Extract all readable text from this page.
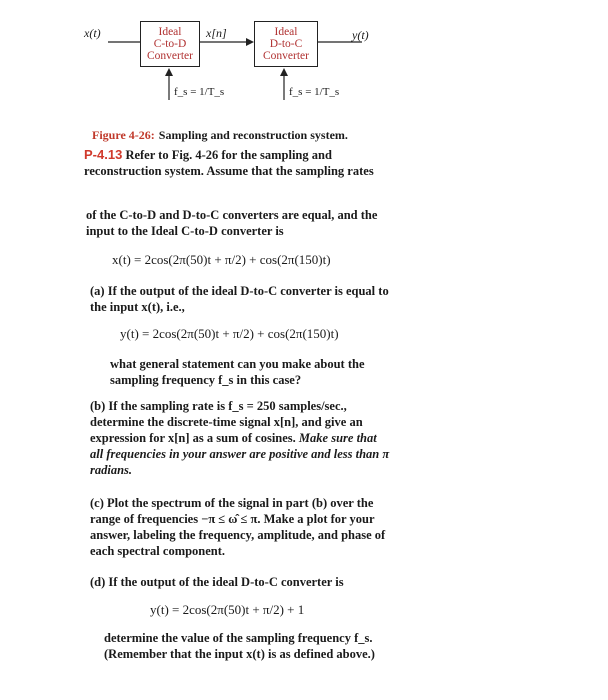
x(t)	x[n]	y(t)
Ideal
C-to-D
Converter
Ideal
D-to-C
Converter
f_s = 1/T_s	f_s = 1/T_s
Figure 4-26: Sampling and reconstruction system.
P-4.13 Refer to Fig. 4-26 for the sampling and reconstruction system. Assume that the sampling rates
of the C-to-D and D-to-C converters are equal, and the input to the Ideal C-to-D converter is
x(t) = 2cos(2π(50)t + π/2) + cos(2π(150)t)
(a) If the output of the ideal D-to-C converter is equal to the input x(t), i.e.,
y(t) = 2cos(2π(50)t + π/2) + cos(2π(150)t)
what general statement can you make about the sampling frequency f_s in this case?
(b) If the sampling rate is f_s = 250 samples/sec., determine the discrete-time signal x[n], and give an expression for x[n] as a sum of cosines. Make sure that all frequencies in your answer are positive and less than π radians.
(c) Plot the spectrum of the signal in part (b) over the range of frequencies −π ≤ ω̂ ≤ π. Make a plot for your answer, labeling the frequency, amplitude, and phase of each spectral component.
(d) If the output of the ideal D-to-C converter is
y(t) = 2cos(2π(50)t + π/2) + 1
determine the value of the sampling frequency f_s. (Remember that the input x(t) is as defined above.)
